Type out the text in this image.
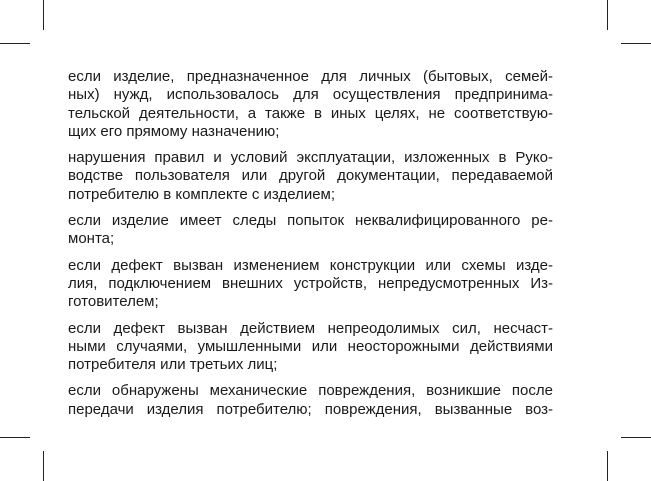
если изделие, предназначенное для личных (бытовых, семей-
ных) нужд, использовалось для осуществления предпринима-
тельской деятельности, а также в иных целях, не соответствую-
щих его прямому назначению;

нарушения правил и условий эксплуатации, изложенных в Руко-
водстве пользователя или другой документации, передаваемой
потребителю в комплекте с изделием;

если изделие имеет следы попыток неквалифицированного ре-
монта;

если дефект вызван изменением конструкции или схемы изде-
лия, подключением внешних устройств, непредусмотренных Из-
готовителем;

если дефект вызван действием непреодолимых сил, несчаст-
ными случаями, умышленными или неосторожными действиями
потребителя или третьих лиц;

если обнаружены механические повреждения, возникшие после
передачи изделия потребителю; повреждения, вызванные воз-
